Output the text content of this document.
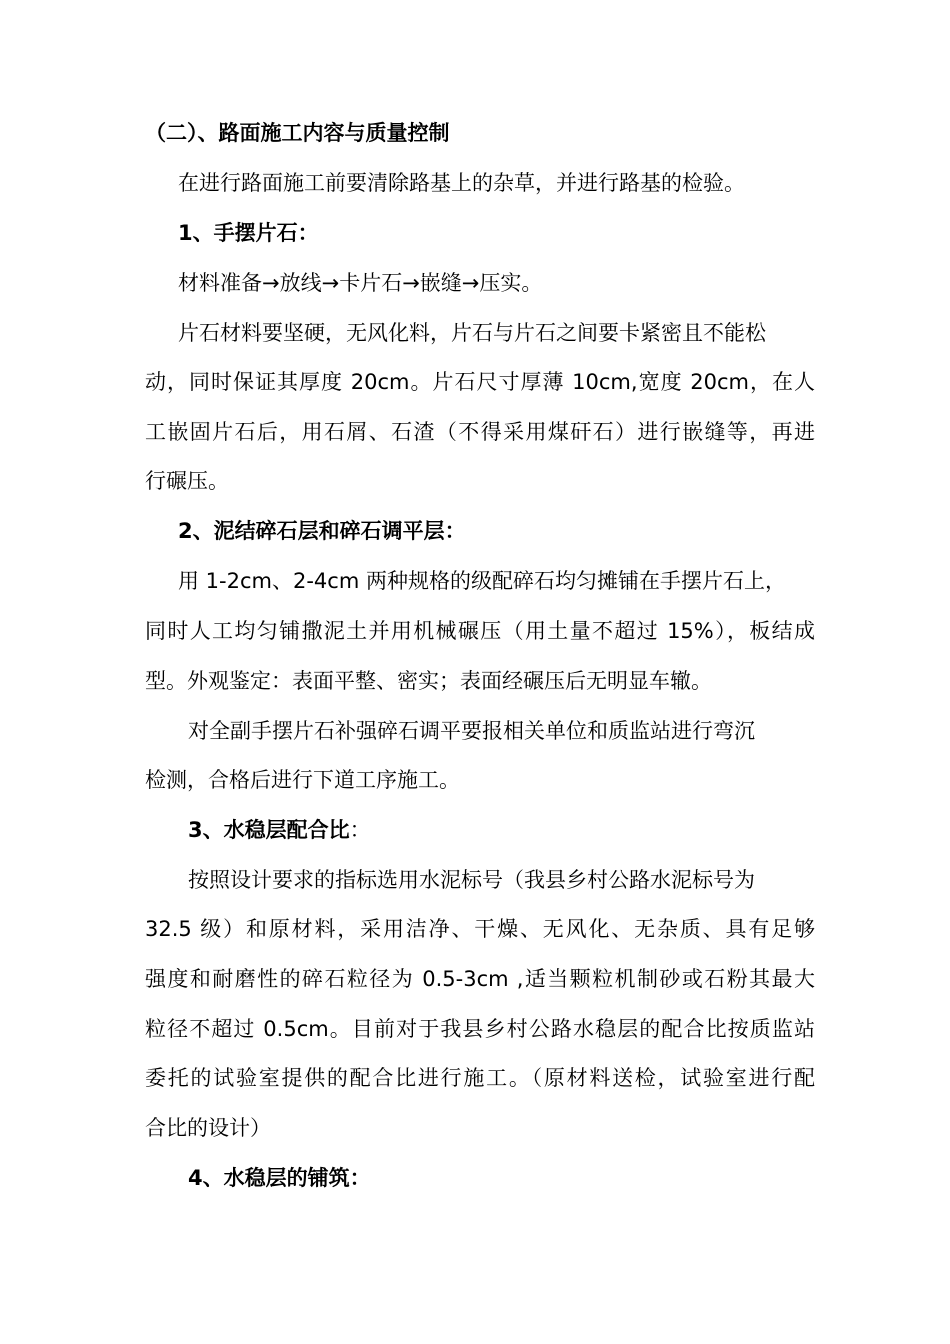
（二）、路面施工内容与质量控制
在进行路面施工前要清除路基上的杂草，并进行路基的检验。
1、手摆片石：
材料准备→放线→卡片石→嵌缝→压实。
片石材料要坚硬，无风化料，片石与片石之间要卡紧密且不能松
动，同时保证其厚度 20cm。片石尺寸厚薄 10cm,宽度 20cm，在人
工嵌固片石后，用石屑、石渣（不得采用煤矸石）进行嵌缝等，再进
行碾压。
2、泥结碎石层和碎石调平层：
用 1-2cm、2-4cm 两种规格的级配碎石均匀摊铺在手摆片石上，
同时人工均匀铺撒泥土并用机械碾压（用土量不超过 15%），板结成
型。外观鉴定：表面平整、密实；表面经碾压后无明显车辙。
对全副手摆片石补强碎石调平要报相关单位和质监站进行弯沉
检测，合格后进行下道工序施工。
3、水稳层配合比：
按照设计要求的指标选用水泥标号（我县乡村公路水泥标号为
32.5 级）和原材料，采用洁净、干燥、无风化、无杂质、具有足够
强度和耐磨性的碎石粒径为 0.5-3cm ,适当颗粒机制砂或石粉其最大
粒径不超过 0.5cm。目前对于我县乡村公路水稳层的配合比按质监站
委托的试验室提供的配合比进行施工。（原材料送检，试验室进行配
合比的设计）
4、水稳层的铺筑：
